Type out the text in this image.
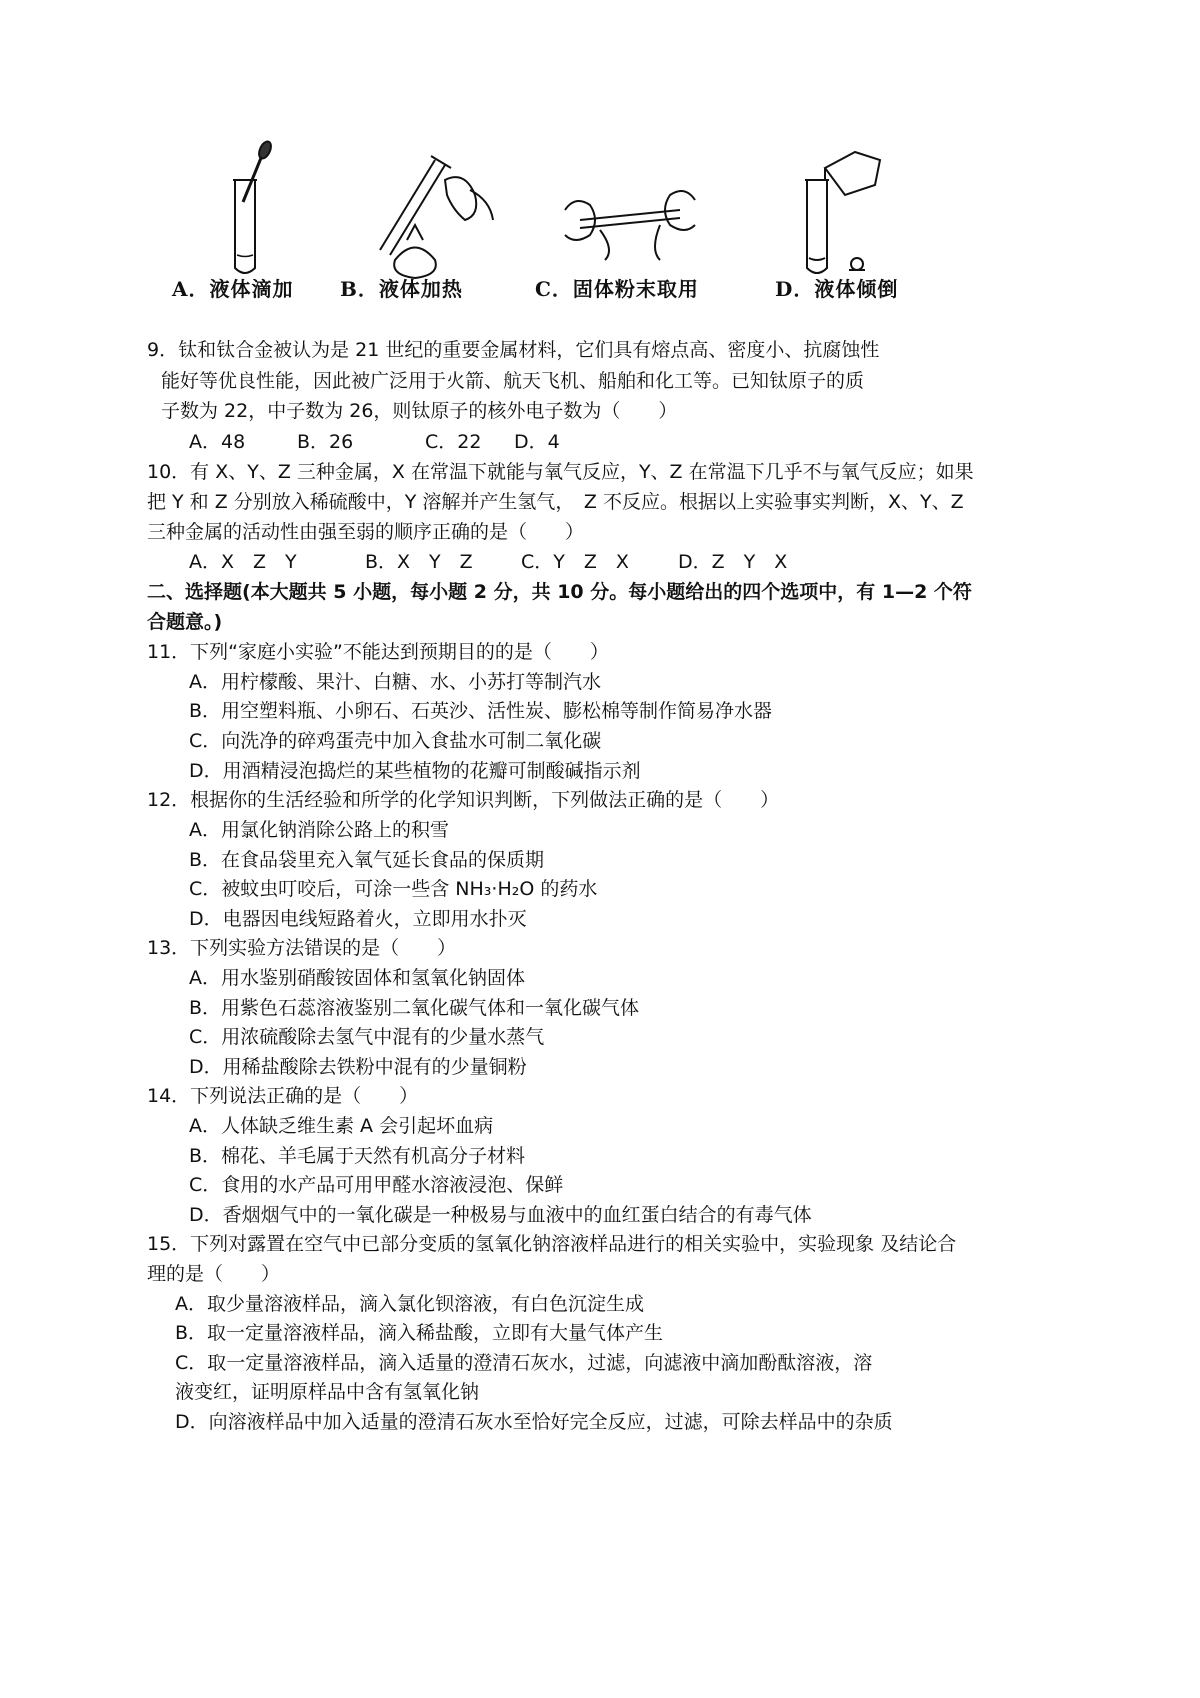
A．液体滴加 B．液体加热	C．固体粉末取用	D．液体倾倒
9．钛和钛合金被认为是 21 世纪的重要金属材料，它们具有熔点高、密度小、抗腐蚀性
能好等优良性能，因此被广泛用于火箭、航天飞机、船舶和化工等。已知钛原子的质
子数为 22，中子数为 26，则钛原子的核外电子数为（　　）
A．48	B．26	C．22 D．4
10．有 X、Y、Z 三种金属，X 在常温下就能与氧气反应，Y、Z 在常温下几乎不与氧气反应；如果
把 Y 和 Z 分别放入稀硫酸中，Y 溶解并产生氢气，　Z 不反应。根据以上实验事实判断，X、Y、Z
三种金属的活动性由强至弱的顺序正确的是（　　）
A．X　Z　Y	B．X　Y　Z	C．Y　Z　X	D．Z　Y　X
二、选择题(本大题共 5 小题，每小题 2 分，共 10 分。每小题给出的四个选项中，有 1—2 个符
合题意。)
11．下列“家庭小实验”不能达到预期目的的是（　　）
A．用柠檬酸、果汁、白糖、水、小苏打等制汽水
B．用空塑料瓶、小卵石、石英沙、活性炭、膨松棉等制作简易净水器
C．向洗净的碎鸡蛋壳中加入食盐水可制二氧化碳
D．用酒精浸泡捣烂的某些植物的花瓣可制酸碱指示剂
12．根据你的生活经验和所学的化学知识判断，下列做法正确的是（　　）
A．用氯化钠消除公路上的积雪
B．在食品袋里充入氧气延长食品的保质期
C．被蚊虫叮咬后，可涂一些含 NH₃·H₂O 的药水
D．电器因电线短路着火，立即用水扑灭
13．下列实验方法错误的是（　　）
A．用水鉴别硝酸铵固体和氢氧化钠固体
B．用紫色石蕊溶液鉴别二氧化碳气体和一氧化碳气体
C．用浓硫酸除去氢气中混有的少量水蒸气
D．用稀盐酸除去铁粉中混有的少量铜粉
14．下列说法正确的是（　　）
A．人体缺乏维生素 A 会引起坏血病
B．棉花、羊毛属于天然有机高分子材料
C．食用的水产品可用甲醛水溶液浸泡、保鲜
D．香烟烟气中的一氧化碳是一种极易与血液中的血红蛋白结合的有毒气体
15．下列对露置在空气中已部分变质的氢氧化钠溶液样品进行的相关实验中，实验现象 及结论合
理的是（　　）
A．取少量溶液样品，滴入氯化钡溶液，有白色沉淀生成
B．取一定量溶液样品，滴入稀盐酸，立即有大量气体产生
C．取一定量溶液样品，滴入适量的澄清石灰水，过滤，向滤液中滴加酚酞溶液，溶
液变红，证明原样品中含有氢氧化钠
D．向溶液样品中加入适量的澄清石灰水至恰好完全反应，过滤，可除去样品中的杂质
